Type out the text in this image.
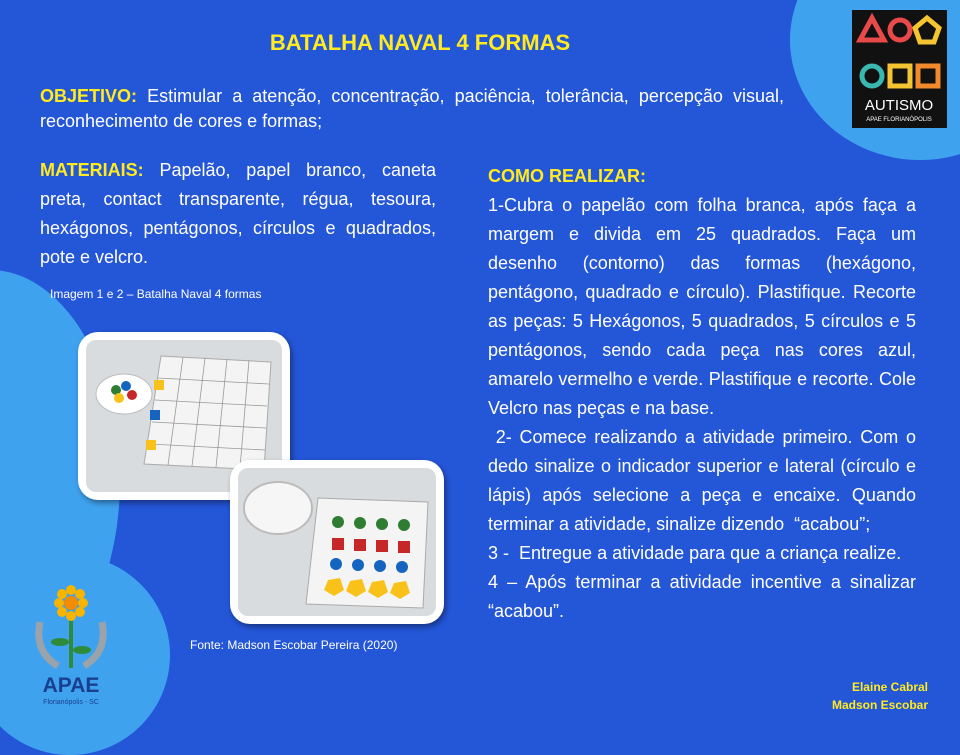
BATALHA NAVAL 4 FORMAS
OBJETIVO: Estimular a atenção, concentração, paciência, tolerância, percepção visual, reconhecimento de cores e formas;
MATERIAIS: Papelão, papel branco, caneta preta, contact transparente, régua, tesoura, hexágonos, pentágonos, círculos e quadrados, pote e velcro.
Imagem 1 e 2 – Batalha Naval 4 formas
Fonte: Madson Escobar Pereira (2020)

COMO REALIZAR:

1-Cubra o papelão com folha branca, após faça a margem e divida em 25 quadrados. Faça um desenho (contorno) das formas (hexágono, pentágono, quadrado e círculo). Plastifique. Recorte as peças: 5 Hexágonos, 5 quadrados, 5 círculos e 5 pentágonos, sendo cada peça nas cores azul, amarelo vermelho e verde. Plastifique e recorte. Cole Velcro nas peças e na base.

2- Comece realizando a atividade primeiro. Com o dedo sinalize o indicador superior e lateral (círculo e lápis) após selecione a peça e encaixe. Quando terminar a atividade, sinalize dizendo  “acabou”;

3 -  Entregue a atividade para que a criança realize.

4 – Após terminar a atividade incentive a sinalizar “acabou”.

Elaine Cabral
Madson Escobar
AUTISMO
APAE FLORIANÓPOLIS
APAE
Florianópolis - SC
